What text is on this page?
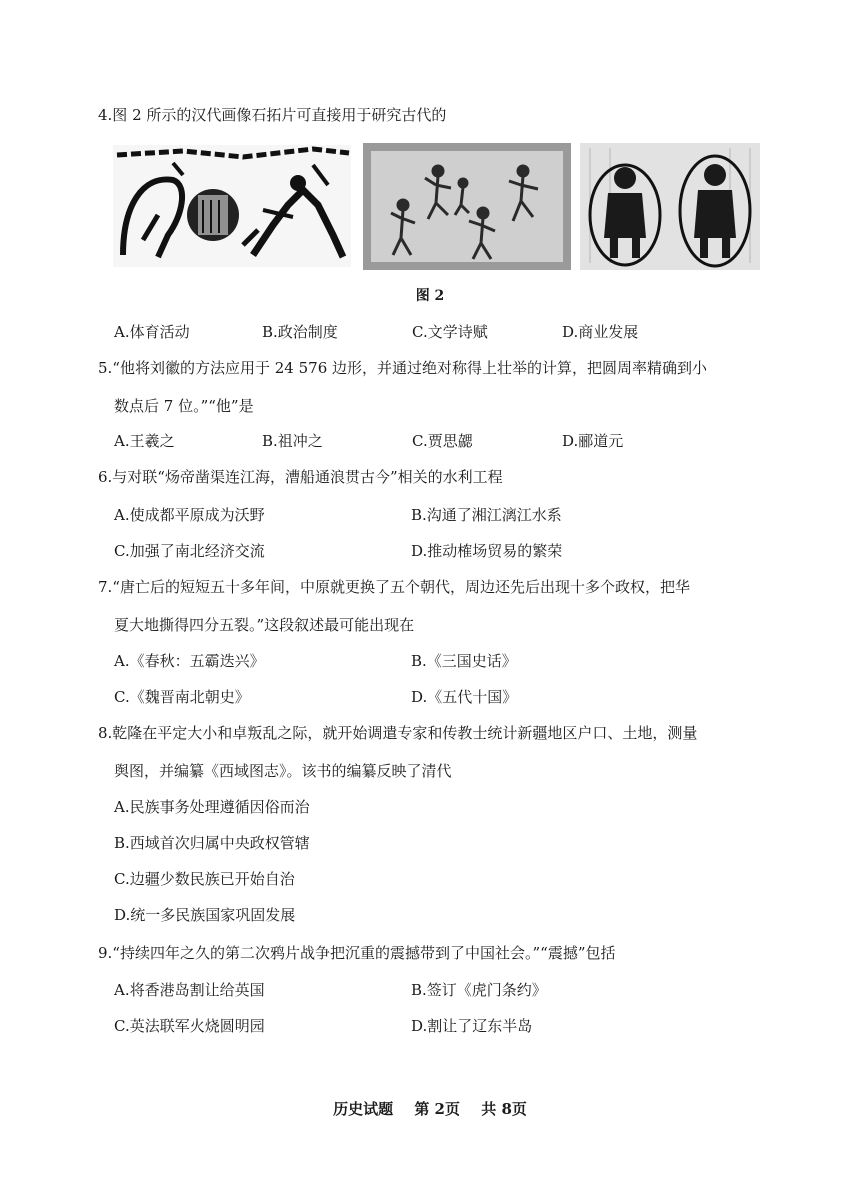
4.图 2 所示的汉代画像石拓片可直接用于研究古代的
图 2
A.体育活动	B.政治制度	C.文学诗赋	D.商业发展
5.“他将刘徽的方法应用于 24 576 边形，并通过绝对称得上壮举的计算，把圆周率精确到小
数点后 7 位。”“他”是
A.王羲之	B.祖冲之	C.贾思勰	D.郦道元
6.与对联“炀帝凿渠连江海，漕船通浪贯古今”相关的水利工程
A.使成都平原成为沃野	B.沟通了湘江漓江水系
C.加强了南北经济交流	D.推动榷场贸易的繁荣
7.“唐亡后的短短五十多年间，中原就更换了五个朝代，周边还先后出现十多个政权，把华
夏大地撕得四分五裂。”这段叙述最可能出现在
A.《春秋：五霸迭兴》	B.《三国史话》
C.《魏晋南北朝史》	D.《五代十国》
8.乾隆在平定大小和卓叛乱之际，就开始调遣专家和传教士统计新疆地区户口、土地，测量
舆图，并编纂《西域图志》。该书的编纂反映了清代
A.民族事务处理遵循因俗而治
B.西域首次归属中央政权管辖
C.边疆少数民族已开始自治
D.统一多民族国家巩固发展
9.“持续四年之久的第二次鸦片战争把沉重的震撼带到了中国社会。”“震撼”包括
A.将香港岛割让给英国	B.签订《虎门条约》
C.英法联军火烧圆明园	D.割让了辽东半岛
历史试题 第 2页 共 8页
